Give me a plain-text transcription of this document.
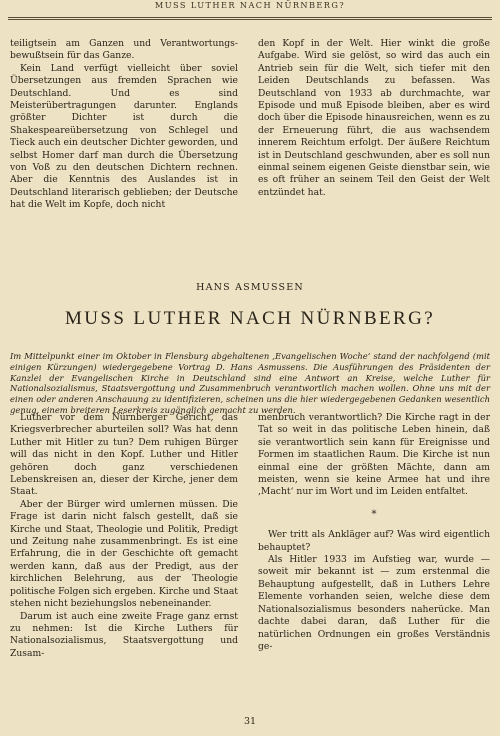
MUSS LUTHER NACH NÜRNBERG?

teiligtsein am Ganzen und Verantwortungs-bewußtsein für das Ganze.

Kein Land verfügt vielleicht über soviel Übersetzungen aus fremden Sprachen wie Deutschland. Und es sind Meisterübertragungen darunter. Englands größter Dichter ist durch die Shakespeareübersetzung von Schlegel und Tieck auch ein deutscher Dichter geworden, und selbst Homer darf man durch die Übersetzung von Voß zu den deutschen Dichtern rechnen. Aber die Kenntnis des Auslandes ist in Deutschland literarisch geblieben; der Deutsche hat die Welt im Kopfe, doch nicht

den Kopf in der Welt. Hier winkt die große Aufgabe. Wird sie gelöst, so wird das auch ein Antrieb sein für die Welt, sich tiefer mit den Leiden Deutschlands zu befassen. Was Deutschland von 1933 ab durchmachte, war Episode und muß Episode bleiben, aber es wird doch über die Episode hinausreichen, wenn es zu der Erneuerung führt, die aus wachsendem innerem Reichtum erfolgt. Der äußere Reichtum ist in Deutschland geschwunden, aber es soll nun einmal seinem eigenen Geiste dienstbar sein, wie es oft früher an seinem Teil den Geist der Welt entzündet hat.

HANS ASMUSSEN
MUSS LUTHER NACH NÜRNBERG?
Im Mittelpunkt einer im Oktober in Flensburg abgehaltenen ‚Evangelischen Woche‘ stand der nachfolgend (mit einigen Kürzungen) wiedergegebene Vortrag D. Hans Asmussens. Die Ausführungen des Präsidenten der Kanzlei der Evangelischen Kirche in Deutschland sind eine Antwort an Kreise, welche Luther für Nationalsozialismus, Staatsvergottung und Zusammenbruch verantwortlich machen wollen. Ohne uns mit der einen oder anderen Anschauung zu identifizieren, scheinen uns die hier wiedergegebenen Gedanken wesentlich genug, einem breiteren Leserkreis zugänglich gemacht zu werden.

Luther vor dem Nürnberger Gericht, das Kriegsverbrecher aburteilen soll? Was hat denn Luther mit Hitler zu tun? Dem ruhigen Bürger will das nicht in den Kopf. Luther und Hitler gehören doch ganz verschiedenen Lebenskreisen an, dieser der Kirche, jener dem Staat.

Aber der Bürger wird umlernen müssen. Die Frage ist darin nicht falsch gestellt, daß sie Kirche und Staat, Theologie und Politik, Predigt und Zeitung nahe zusammenbringt. Es ist eine Erfahrung, die in der Geschichte oft gemacht werden kann, daß aus der Predigt, aus der kirchlichen Belehrung, aus der Theologie politische Folgen sich ergeben. Kirche und Staat stehen nicht beziehungslos nebeneinander.

Darum ist auch eine zweite Frage ganz ernst zu nehmen: Ist die Kirche Luthers für Nationalsozialismus, Staatsvergottung und Zusam-

menbruch verantwortlich? Die Kirche ragt in der Tat so weit in das politische Leben hinein, daß sie verantwortlich sein kann für Ereignisse und Formen im staatlichen Raum. Die Kirche ist nun einmal eine der größten Mächte, dann am meisten, wenn sie keine Armee hat und ihre ‚Macht‘ nur im Wort und im Leiden entfaltet.

*

Wer tritt als Ankläger auf? Was wird eigentlich behauptet?

Als Hitler 1933 im Aufstieg war, wurde — soweit mir bekannt ist — zum erstenmal die Behauptung aufgestellt, daß in Luthers Lehre Elemente vorhanden seien, welche diese dem Nationalsozialismus besonders naherückе. Man dachte dabei daran, daß Luther für die natürlichen Ordnungen ein großes Verständnis ge-

31
